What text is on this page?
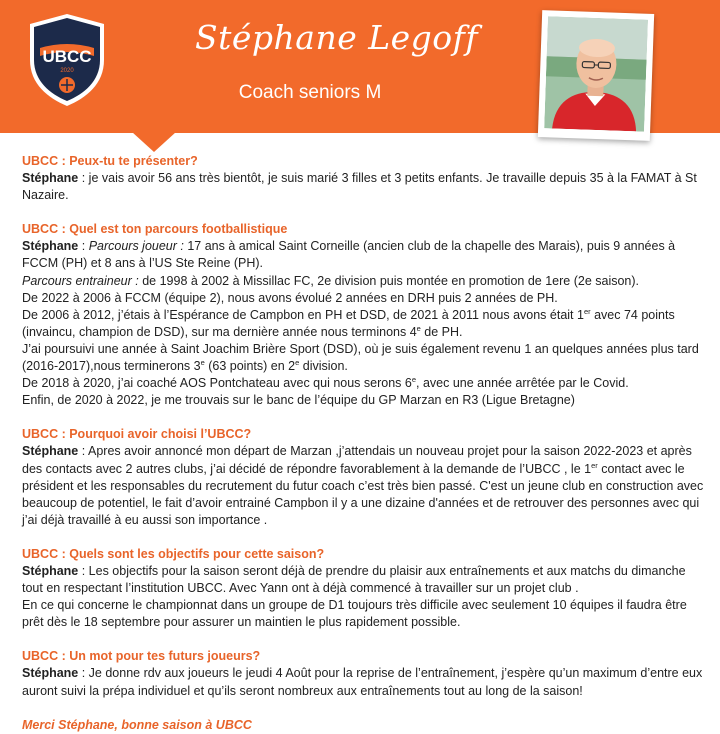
UBCC
2020
Stéphane Legoff
Coach seniors M

UBCC : Peux-tu te présenter?

Stéphane : je vais avoir 56 ans très bientôt, je suis marié 3 filles et 3 petits enfants. Je travaille depuis 35 à la FAMAT à St Nazaire.

UBCC : Quel est ton parcours footballistique

Stéphane : Parcours joueur : 17 ans à amical Saint Corneille (ancien club de la chapelle des Marais), puis 9 années à FCCM (PH) et 8 ans à l’US Ste Reine (PH).

Parcours entraineur : de 1998 à 2002 à Missillac FC, 2e division puis montée en promotion de 1ere (2e saison).

De 2022 à 2006 à FCCM (équipe 2), nous avons évolué 2 années en DRH puis 2 années de PH.

De 2006 à 2012, j’étais à l’Espérance de Campbon en PH et DSD, de 2021 à 2011 nous avons était 1er avec 74 points (invaincu, champion de DSD), sur ma dernière année nous terminons 4e de PH.

J’ai poursuivi une année à Saint Joachim Brière Sport (DSD), où je suis également revenu 1 an quelques années plus tard (2016-2017),nous terminerons 3e (63 points) en 2e division.

De 2018 à 2020, j’ai coaché AOS Pontchateau avec qui nous serons 6e, avec une année arrêtée par le Covid.

Enfin, de 2020 à 2022, je me trouvais sur le banc de l’équipe du GP Marzan en R3 (Ligue Bretagne)

UBCC : Pourquoi avoir choisi l’UBCC?

Stéphane : Apres avoir annoncé mon départ de Marzan ,j’attendais un nouveau projet pour la saison 2022-2023 et après des contacts avec 2 autres clubs, j’ai décidé de répondre favorablement à la demande de l’UBCC , le 1er contact avec le président et les responsables du recrutement du futur coach c’est très bien passé. C'est un jeune club en construction avec beaucoup de potentiel, le fait d’avoir entrainé Campbon il y a une dizaine d'années et de retrouver des personnes avec qui j’ai déjà travaillé à eu aussi son importance .

UBCC : Quels sont les objectifs pour cette saison?

Stéphane : Les objectifs pour la saison seront déjà de prendre du plaisir aux entraînements et aux matchs du dimanche tout en respectant l’institution UBCC. Avec Yann ont à déjà commencé à travailler sur un projet club .

En ce qui concerne le championnat dans un groupe de D1 toujours très difficile avec seulement 10 équipes il faudra être prêt dès le 18 septembre pour assurer un maintien le plus rapidement possible.

UBCC : Un mot pour tes futurs joueurs?

Stéphane : Je donne rdv aux joueurs le jeudi 4 Août pour la reprise de l’entraînement, j’espère qu’un maximum d’entre eux auront suivi la prépa individuel et qu’ils seront nombreux aux entraînements tout au long de la saison!

Merci Stéphane, bonne saison à UBCC
